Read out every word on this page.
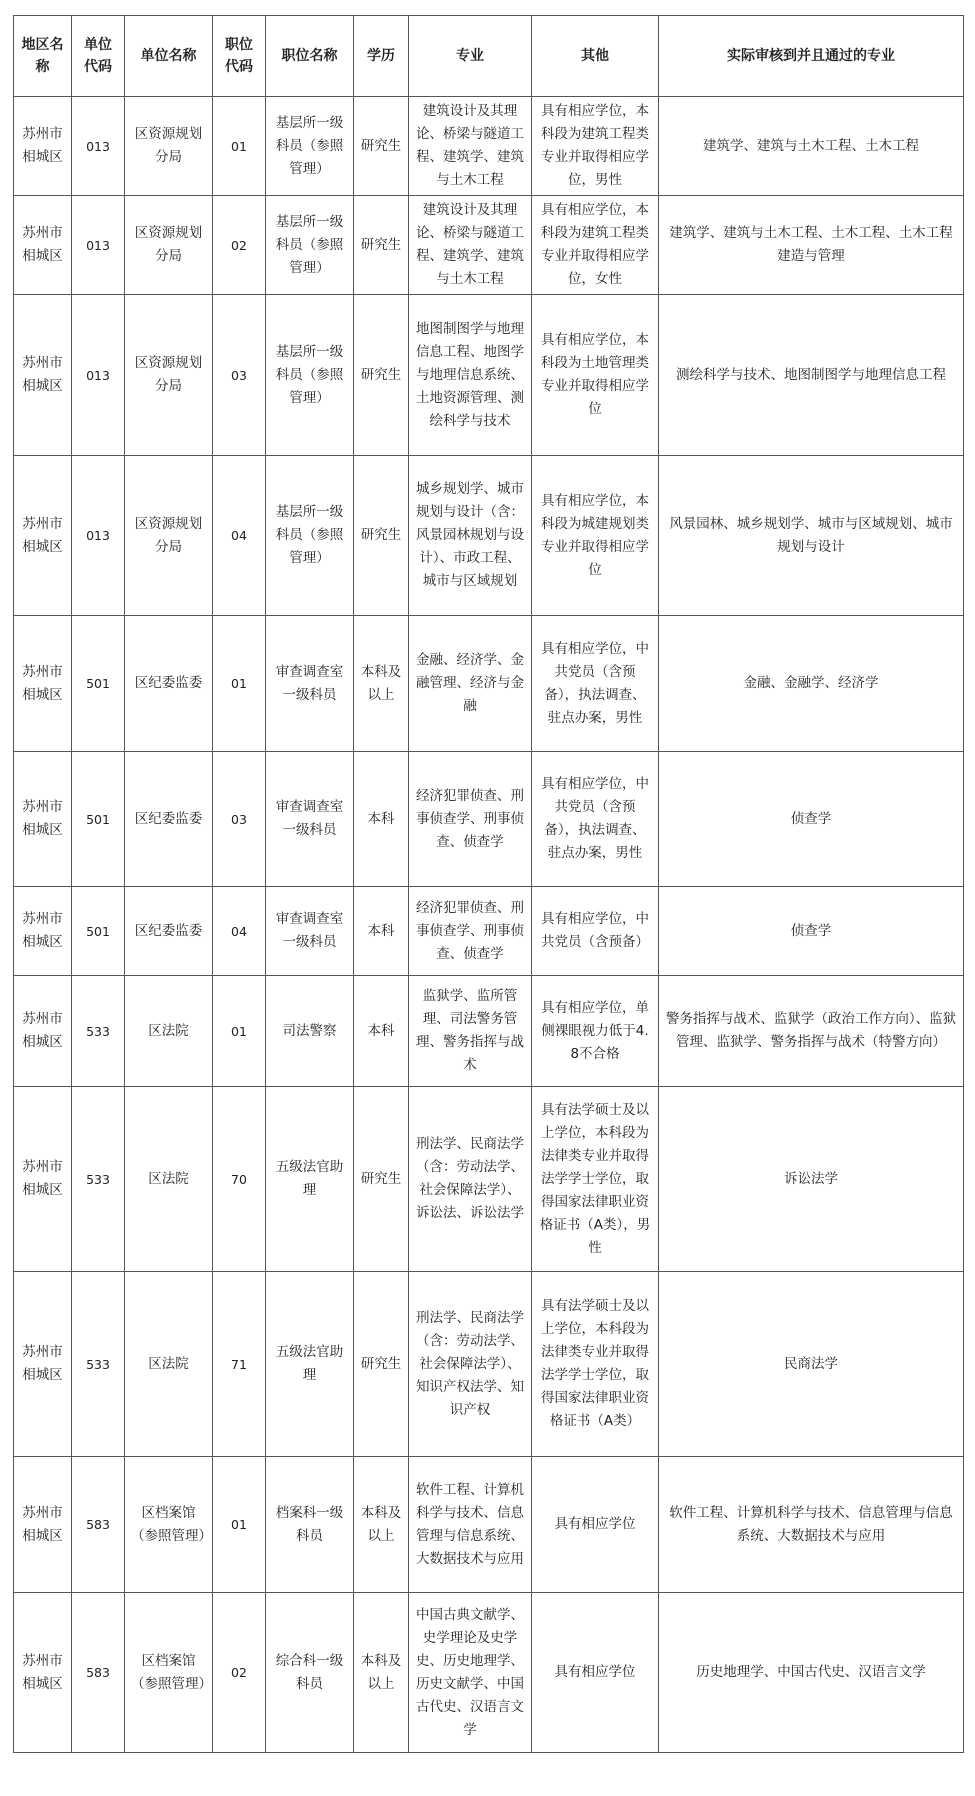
地区名称	单位代码	单位名称	职位代码	职位名称	学历	专业	其他	实际审核到并且通过的专业
苏州市相城区	013	区资源规划分局	01	基层所一级科员（参照管理）	研究生	建筑设计及其理论、桥梁与隧道工程、建筑学、建筑与土木工程	具有相应学位，本科段为建筑工程类专业并取得相应学位，男性	建筑学、建筑与土木工程、土木工程
苏州市相城区	013	区资源规划分局	02	基层所一级科员（参照管理）	研究生	建筑设计及其理论、桥梁与隧道工程、建筑学、建筑与土木工程	具有相应学位，本科段为建筑工程类专业并取得相应学位，女性	建筑学、建筑与土木工程、土木工程、土木工程建造与管理
苏州市相城区	013	区资源规划分局	03	基层所一级科员（参照管理）	研究生	地图制图学与地理信息工程、地图学与地理信息系统、土地资源管理、测绘科学与技术	具有相应学位，本科段为土地管理类专业并取得相应学位	测绘科学与技术、地图制图学与地理信息工程
苏州市相城区	013	区资源规划分局	04	基层所一级科员（参照管理）	研究生	城乡规划学、城市规划与设计（含：风景园林规划与设计）、市政工程、城市与区域规划	具有相应学位，本科段为城建规划类专业并取得相应学位	风景园林、城乡规划学、城市与区域规划、城市规划与设计
苏州市相城区	501	区纪委监委	01	审查调查室一级科员	本科及以上	金融、经济学、金融管理、经济与金融	具有相应学位，中共党员（含预备），执法调查、驻点办案，男性	金融、金融学、经济学
苏州市相城区	501	区纪委监委	03	审查调查室一级科员	本科	经济犯罪侦查、刑事侦查学、刑事侦查、侦查学	具有相应学位，中共党员（含预备），执法调查、驻点办案，男性	侦查学
苏州市相城区	501	区纪委监委	04	审查调查室一级科员	本科	经济犯罪侦查、刑事侦查学、刑事侦查、侦查学	具有相应学位，中共党员（含预备）	侦查学
苏州市相城区	533	区法院	01	司法警察	本科	监狱学、监所管理、司法警务管理、警务指挥与战术	具有相应学位，单侧裸眼视力低于4.8不合格	警务指挥与战术、监狱学（政治工作方向）、监狱管理、监狱学、警务指挥与战术（特警方向）
苏州市相城区	533	区法院	70	五级法官助理	研究生	刑法学、民商法学（含：劳动法学、社会保障法学）、诉讼法、诉讼法学	具有法学硕士及以上学位，本科段为法律类专业并取得法学学士学位，取得国家法律职业资格证书（A类），男性	诉讼法学
苏州市相城区	533	区法院	71	五级法官助理	研究生	刑法学、民商法学（含：劳动法学、社会保障法学）、知识产权法学、知识产权	具有法学硕士及以上学位，本科段为法律类专业并取得法学学士学位，取得国家法律职业资格证书（A类）	民商法学
苏州市相城区	583	区档案馆（参照管理）	01	档案科一级科员	本科及以上	软件工程、计算机科学与技术、信息管理与信息系统、大数据技术与应用	具有相应学位	软件工程、计算机科学与技术、信息管理与信息系统、大数据技术与应用
苏州市相城区	583	区档案馆（参照管理）	02	综合科一级科员	本科及以上	中国古典文献学、史学理论及史学史、历史地理学、历史文献学、中国古代史、汉语言文学	具有相应学位	历史地理学、中国古代史、汉语言文学
